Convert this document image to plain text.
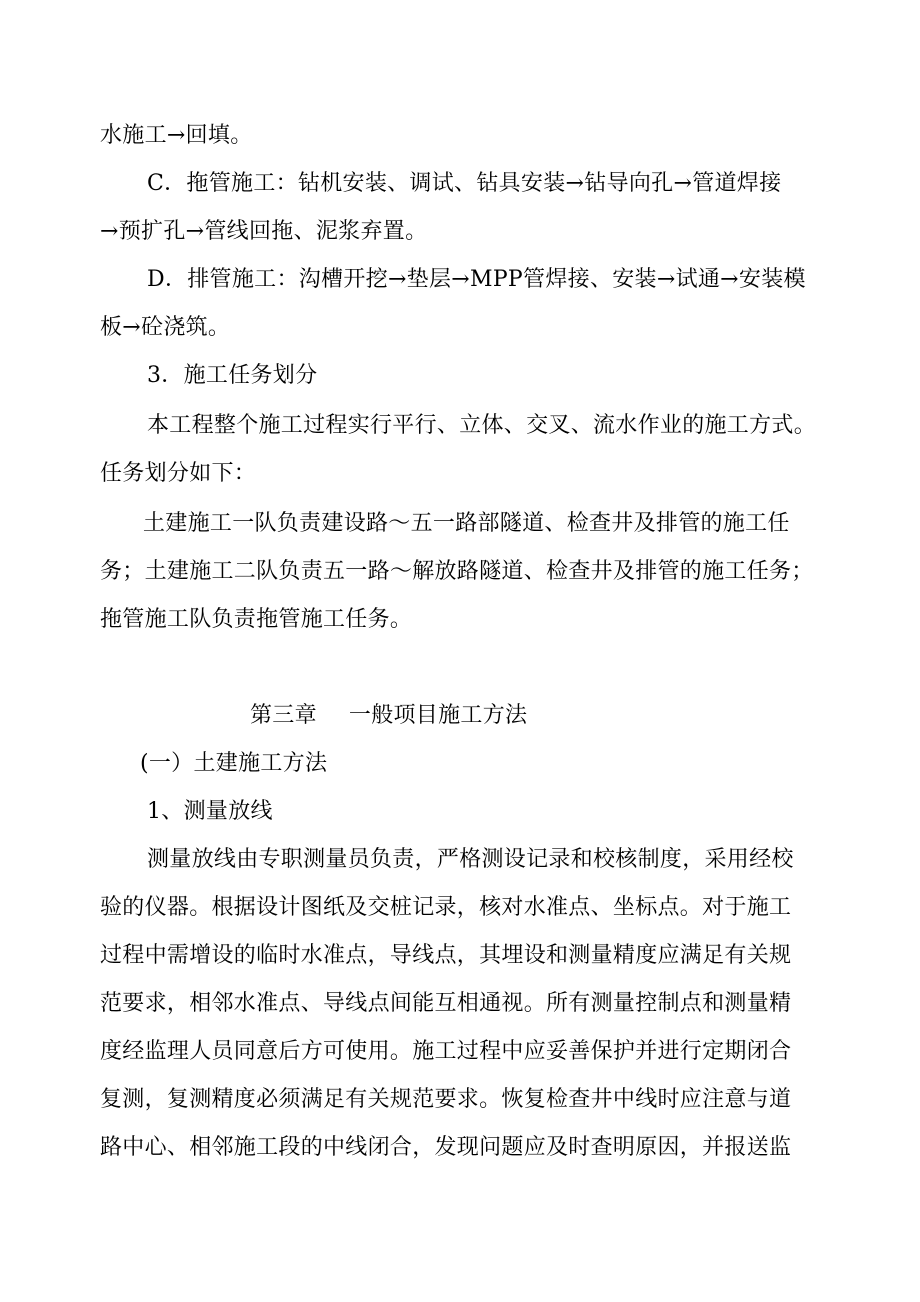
水施工→回填。
C．拖管施工：钻机安装、调试、钻具安装→钻导向孔→管道焊接
→预扩孔→管线回拖、泥浆弃置。
D．排管施工：沟槽开挖→垫层→MPP管焊接、安装→试通→安装模
板→砼浇筑。
3．施工任务划分
本工程整个施工过程实行平行、立体、交叉、流水作业的施工方式。
任务划分如下：
土建施工一队负责建设路～五一路部隧道、检查井及排管的施工任
务；土建施工二队负责五一路～解放路隧道、检查井及排管的施工任务；
拖管施工队负责拖管施工任务。
第三章 一般项目施工方法
(一）土建施工方法
1、测量放线
测量放线由专职测量员负责，严格测设记录和校核制度，采用经校
验的仪器。根据设计图纸及交桩记录，核对水准点、坐标点。对于施工
过程中需增设的临时水准点，导线点，其埋设和测量精度应满足有关规
范要求，相邻水准点、导线点间能互相通视。所有测量控制点和测量精
度经监理人员同意后方可使用。施工过程中应妥善保护并进行定期闭合
复测，复测精度必须满足有关规范要求。恢复检查井中线时应注意与道
路中心、相邻施工段的中线闭合，发现问题应及时查明原因，并报送监
